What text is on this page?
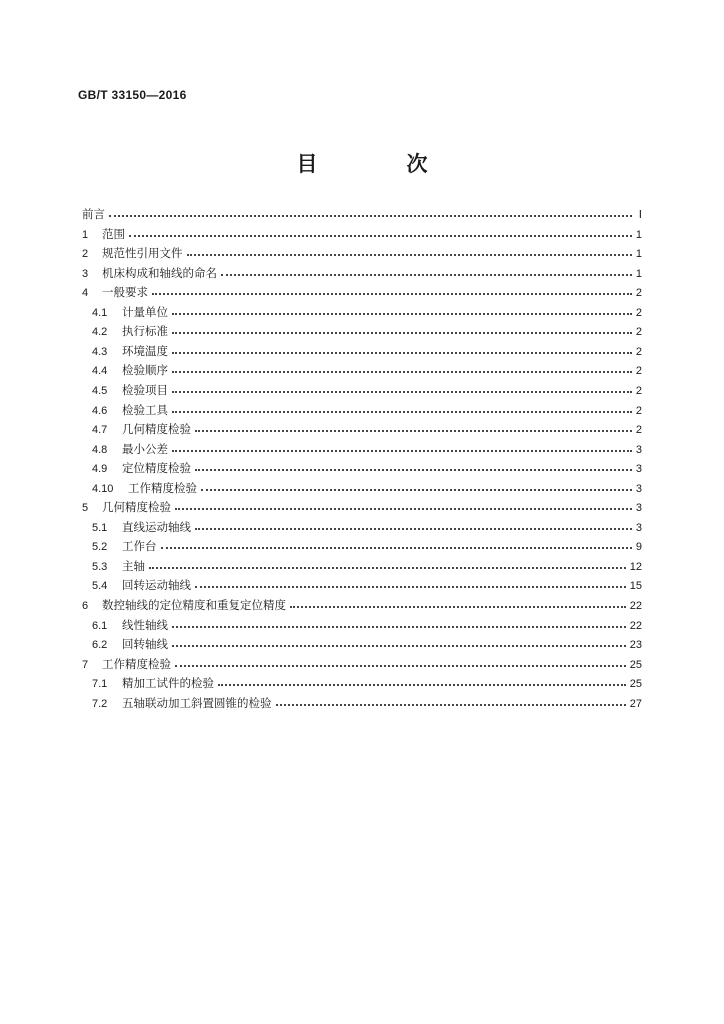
GB/T 33150—2016
目　次
前言	Ⅰ
1	范围	1
2	规范性引用文件	1
3	机床构成和轴线的命名	1
4	一般要求	2
4.1	计量单位	2
4.2	执行标准	2
4.3	环境温度	2
4.4	检验顺序	2
4.5	检验项目	2
4.6	检验工具	2
4.7	几何精度检验	2
4.8	最小公差	3
4.9	定位精度检验	3
4.10	工作精度检验	3
5	几何精度检验	3
5.1	直线运动轴线	3
5.2	工作台	9
5.3	主轴	12
5.4	回转运动轴线	15
6	数控轴线的定位精度和重复定位精度	22
6.1	线性轴线	22
6.2	回转轴线	23
7	工作精度检验	25
7.1	精加工试件的检验	25
7.2	五轴联动加工斜置圆锥的检验	27
